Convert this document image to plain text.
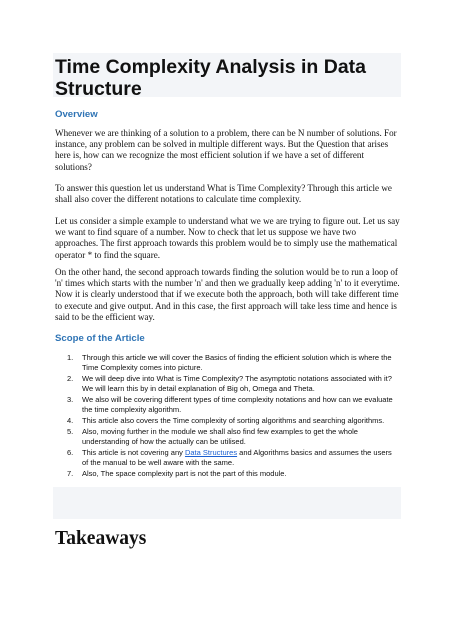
Time Complexity Analysis in Data Structure
Overview

Whenever we are thinking of a solution to a problem, there can be N number of solutions. For instance, any problem can be solved in multiple different ways. But the Question that arises here is, how can we recognize the most efficient solution if we have a set of different solutions?

To answer this question let us understand What is Time Complexity? Through this article we shall also cover the different notations to calculate time complexity.

Let us consider a simple example to understand what we we are trying to figure out. Let us say we want to find square of a number. Now to check that let us suppose we have two approaches. The first approach towards this problem would be to simply use the mathematical operator * to find the square.

On the other hand, the second approach towards finding the solution would be to run a loop of 'n' times which starts with the number 'n' and then we gradually keep adding 'n' to it everytime. Now it is clearly understood that if we execute both the approach, both will take different time to execute and give output. And in this case, the first approach will take less time and hence is said to be the efficient way.

Scope of the Article
1. Through this article we will cover the Basics of finding the efficient solution which is where the Time Complexity comes into picture.
2. We will deep dive into What is Time Complexity? The asymptotic notations associated with it? We will learn this by in detail explanation of Big oh, Omega and Theta.
3. We also will be covering different types of time complexity notations and how can we evaluate the time complexity algorithm.
4. This article also covers the Time complexity of sorting algorithms and searching algorithms.
5. Also, moving further in the module we shall also find few examples to get the whole understanding of how the actually can be utilised.
6. This article is not covering any Data Structures and Algorithms basics and assumes the users of the manual to be well aware with the same.
7. Also, The space complexity part is not the part of this module.
Takeaways
